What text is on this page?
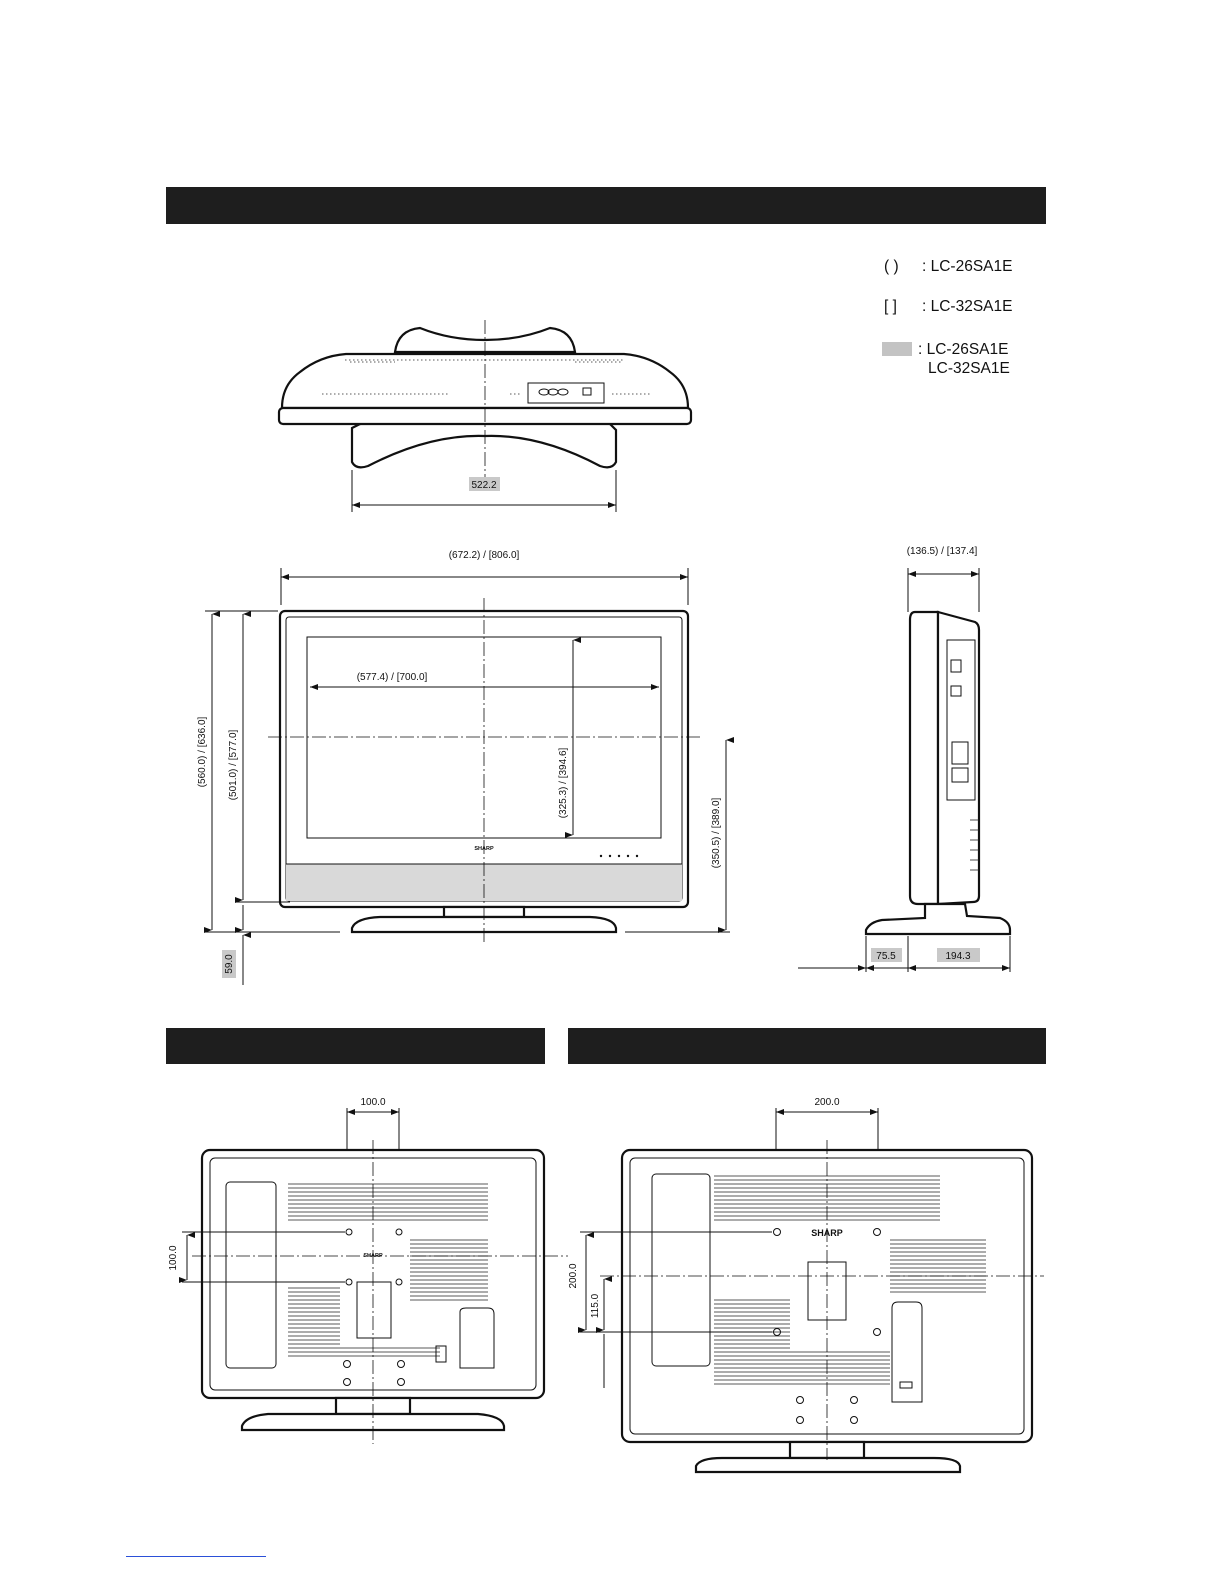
( ) : LC-26SA1E
[ ] : LC-32SA1E
: LC-26SA1E
LC-32SA1E
522.2
(672.2) / [806.0]
SHARP
(577.4) / [700.0]
(325.3) / [394.6]
(560.0) / [636.0] (501.0) / [577.0]
59.0
(350.5) / [389.0]
(136.5) / [137.4]
75.5	194.3
100.0
SHARP
100.0
200.0
SHARP
200.0
115.0
